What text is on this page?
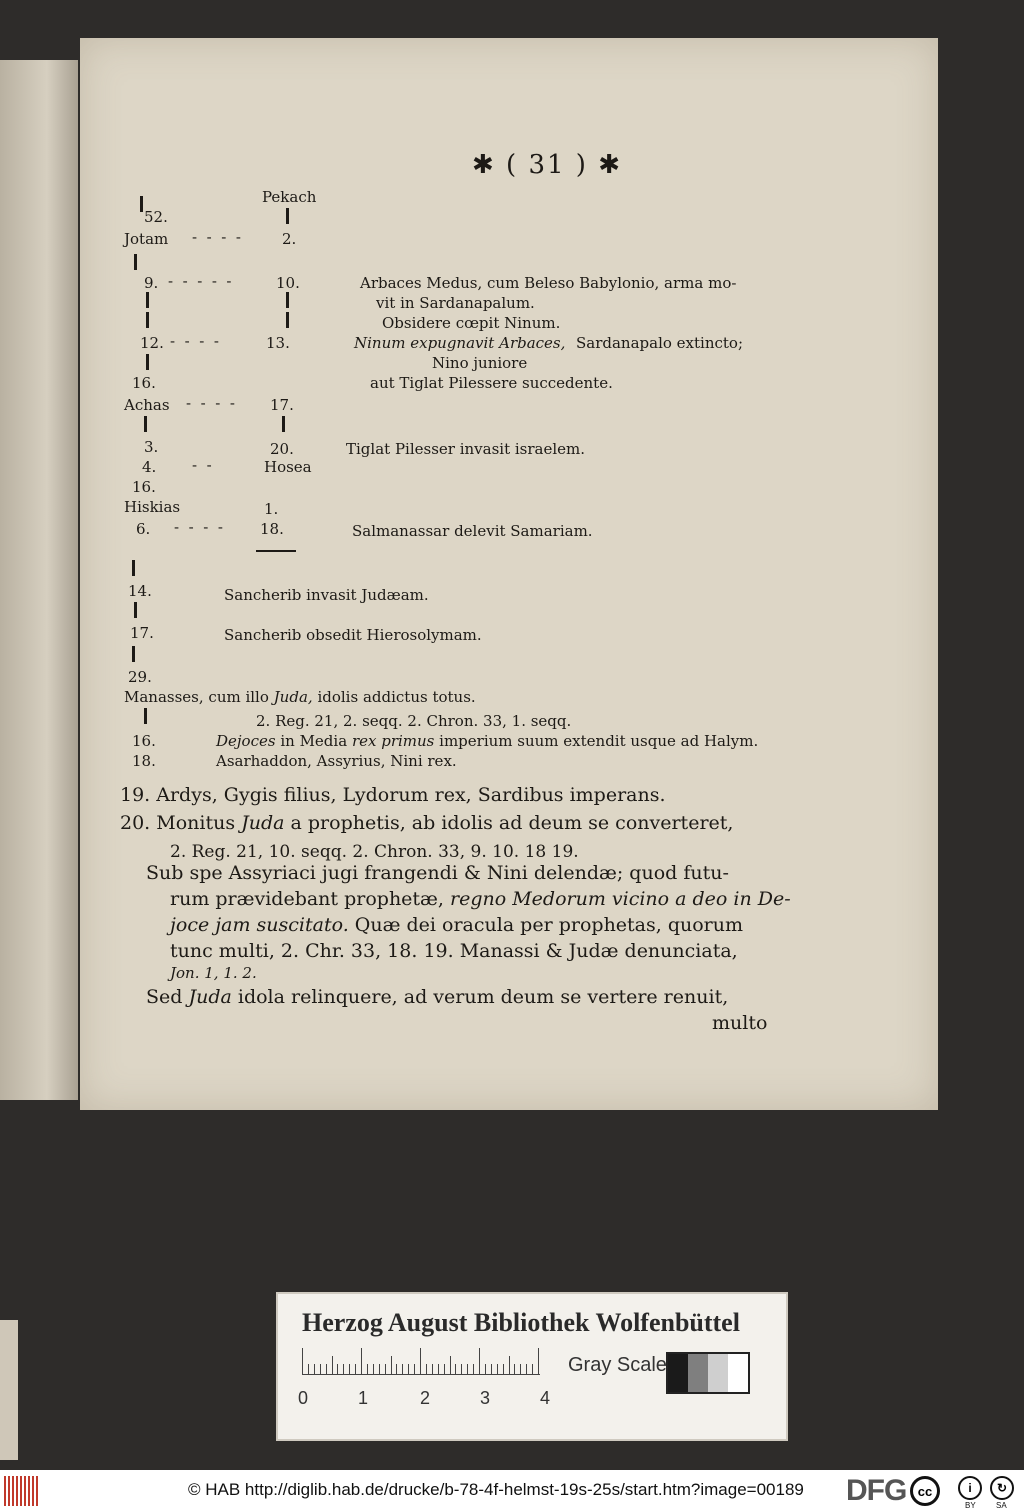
✱ ( 31 ) ✱
Pekach
52.
Jotam -  -  -  -	2.
9. -  -  -  -  -	10.	Arbaces Medus, cum Beleso Babylonio, arma mo-
vit in Sardanapalum.
Obsidere cœpit Ninum.
12. -  -  -  -	13.	Ninum expugnavit Arbaces, Sardanapalo extincto;
Nino juniore
16.	aut Tiglat Pilessere succedente.
Achas -  -  -  - 17.
3.	20.	Tiglat Pilesser invasit israelem.
4. -  -	Hosea
16.
Hiskias	1.
6. -  -  -  - 18.	Salmanassar delevit Samariam.
14.	Sancherib invasit Judæam.
17.	Sancherib obsedit Hierosolymam.
29.
Manasses, cum illo Juda, idolis addictus totus.
2. Reg. 21, 2. seqq. 2. Chron. 33, 1. seqq.
16.	Dejoces in Media rex primus imperium suum extendit usque ad Halym.
18.	Asarhaddon, Assyrius, Nini rex.
19. Ardys, Gygis filius, Lydorum rex, Sardibus imperans.
20. Monitus Juda a prophetis, ab idolis ad deum se converteret,
2. Reg. 21, 10. seqq. 2. Chron. 33, 9. 10. 18 19.
Sub spe Assyriaci jugi frangendi & Nini delendæ; quod futu-
rum prævidebant prophetæ, regno Medorum vicino a deo in De-
joce jam suscitato. Quæ dei oracula per prophetas, quorum
tunc multi, 2. Chr. 33, 18. 19. Manassi & Judæ denunciata,
Jon. 1, 1. 2.
Sed Juda idola relinquere, ad verum deum se vertere renuit,
multo
Herzog August Bibliothek Wolfenbüttel
0	1	2	3	4
Gray Scale
© HAB http://diglib.hab.de/drucke/b-78-4f-helmst-19s-25s/start.htm?image=00189 DFG cc	i
BY
↻
SA
